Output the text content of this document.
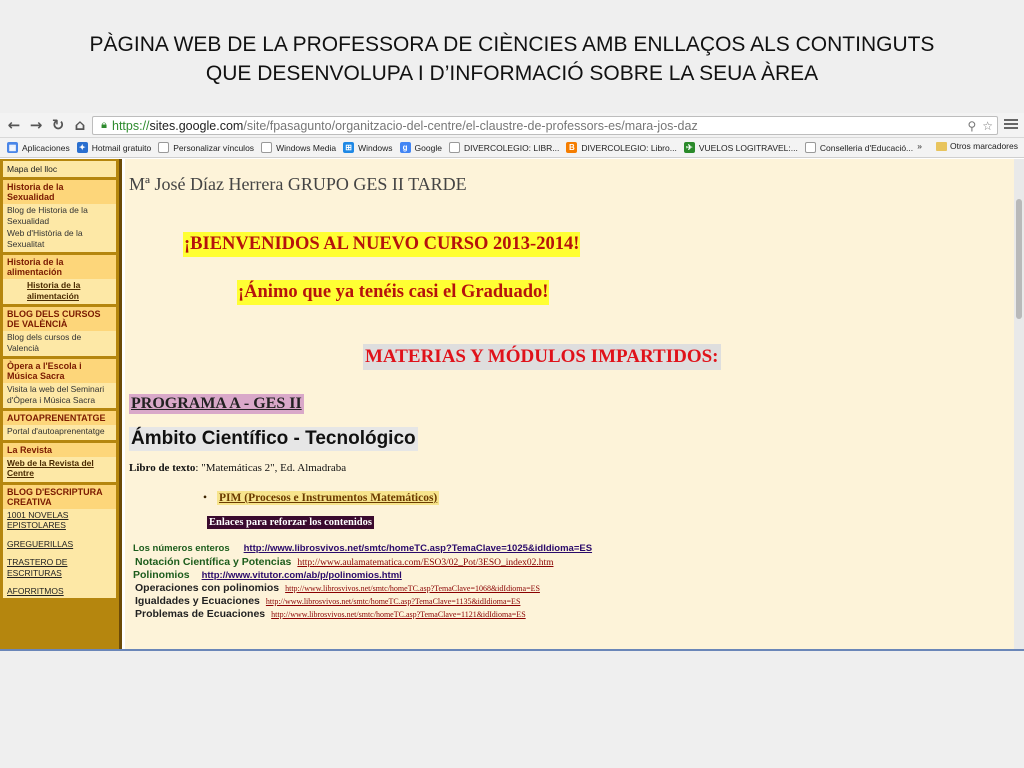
PÀGINA WEB DE LA PROFESSORA DE CIÈNCIES AMB ENLLAÇOS ALS CONTINGUTS
QUE DESENVOLUPA I D’INFORMACIÓ SOBRE LA SEUA ÀREA
← → ↻ ⌂	🔒︎ https:// sites.google.com /site/fpasagunto/organitzacio-del-centre/el-claustre-de-professors-es/mara-jos-daz	⚲ ☆
▦ Aplicaciones ✦ Hotmail gratuito	Personalizar vínculos	Windows Media ⊞ Windows	g Google	DIVERCOLEGIO: LIBR...	B DIVERCOLEGIO: Libro... ✈ VUELOS LOGITRAVEL:...	Conselleria d'Educació... »	Otros marcadores
Mapa del lloc
Historia de la Sexualidad
Blog de Historia de la Sexualidad
Web d'Història de la Sexualitat
Historia de la alimentación
Historia de la alimentación
BLOG DELS CURSOS DE VALÈNCIÀ
Blog dels cursos de Valencià
Òpera a l'Escola i Música Sacra
Visita la web del Seminari d'Òpera i Música Sacra
AUTOAPRENENTATGE
Portal d'autoaprenentatge
La Revista
Web de la Revista del Centre
BLOG D'ESCRIPTURA CREATIVA
1001 NOVELAS EPISTOLARES
GREGUERILLAS
TRASTERO DE ESCRITURAS
AFORRITMOS
Mª José Díaz Herrera GRUPO GES II TARDE
¡BIENVENIDOS AL NUEVO CURSO 2013-2014!
¡Ánimo que ya tenéis casi el Graduado!
MATERIAS Y MÓDULOS IMPARTIDOS:
PROGRAMA A - GES II
Ámbito Científico - Tecnológico
Libro de texto: "Matemáticas 2", Ed. Almadraba
• PIM (Procesos e Instrumentos Matemáticos)
Enlaces para reforzar los contenidos
Los números enteros http://www.librosvivos.net/smtc/homeTC.asp?TemaClave=1025&idIdioma=ES
Notación Científica y Potencias http://www.aulamatematica.com/ESO3/02_Pot/3ESO_index02.htm
Polinomios http://www.vitutor.com/ab/p/polinomios.html
Operaciones con polinomios http://www.librosvivos.net/smtc/homeTC.asp?TemaClave=1068&idIdioma=ES
Igualdades y Ecuaciones http://www.librosvivos.net/smtc/homeTC.asp?TemaClave=1135&idIdioma=ES
Problemas de Ecuaciones http://www.librosvivos.net/smtc/homeTC.asp?TemaClave=1121&idIdioma=ES
